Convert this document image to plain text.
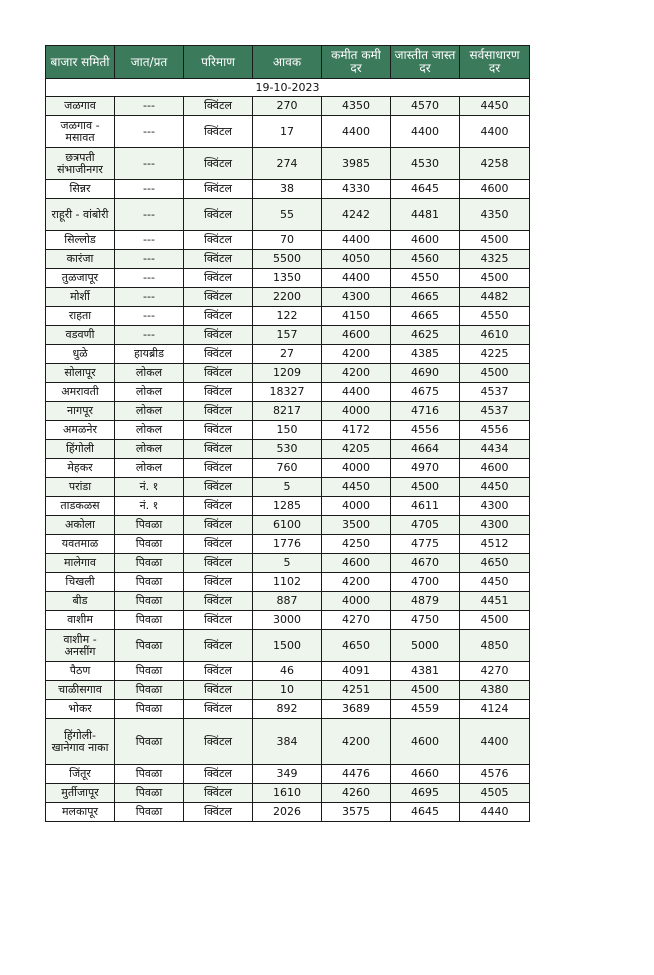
बाजार समिती	जात/प्रत	परिमाण	आवक	कमीत कमी दर	जास्तीत जास्त दर	सर्वसाधारण दर
19-10-2023						
जळगाव	---	क्विंटल	270	4350	4570	4450
जळगाव - मसावत	---	क्विंटल	17	4400	4400	4400
छत्रपती संभाजीनगर	---	क्विंटल	274	3985	4530	4258
सिन्नर	---	क्विंटल	38	4330	4645	4600
राहूरी - वांबोरी	---	क्विंटल	55	4242	4481	4350
सिल्लोड	---	क्विंटल	70	4400	4600	4500
कारंजा	---	क्विंटल	5500	4050	4560	4325
तुळजापूर	---	क्विंटल	1350	4400	4550	4500
मोर्शी	---	क्विंटल	2200	4300	4665	4482
राहता	---	क्विंटल	122	4150	4665	4550
वडवणी	---	क्विंटल	157	4600	4625	4610
धुळे	हायब्रीड	क्विंटल	27	4200	4385	4225
सोलापूर	लोकल	क्विंटल	1209	4200	4690	4500
अमरावती	लोकल	क्विंटल	18327	4400	4675	4537
नागपूर	लोकल	क्विंटल	8217	4000	4716	4537
अमळनेर	लोकल	क्विंटल	150	4172	4556	4556
हिंगोली	लोकल	क्विंटल	530	4205	4664	4434
मेहकर	लोकल	क्विंटल	760	4000	4970	4600
परांडा	नं. १	क्विंटल	5	4450	4500	4450
ताडकळस	नं. १	क्विंटल	1285	4000	4611	4300
अकोला	पिवळा	क्विंटल	6100	3500	4705	4300
यवतमाळ	पिवळा	क्विंटल	1776	4250	4775	4512
मालेगाव	पिवळा	क्विंटल	5	4600	4670	4650
चिखली	पिवळा	क्विंटल	1102	4200	4700	4450
बीड	पिवळा	क्विंटल	887	4000	4879	4451
वाशीम	पिवळा	क्विंटल	3000	4270	4750	4500
वाशीम - अनसींग	पिवळा	क्विंटल	1500	4650	5000	4850
पैठण	पिवळा	क्विंटल	46	4091	4381	4270
चाळीसगाव	पिवळा	क्विंटल	10	4251	4500	4380
भोकर	पिवळा	क्विंटल	892	3689	4559	4124
हिंगोली- खानेगाव नाका	पिवळा	क्विंटल	384	4200	4600	4400
जिंतूर	पिवळा	क्विंटल	349	4476	4660	4576
मुर्तीजापूर	पिवळा	क्विंटल	1610	4260	4695	4505
मलकापूर	पिवळा	क्विंटल	2026	3575	4645	4440
